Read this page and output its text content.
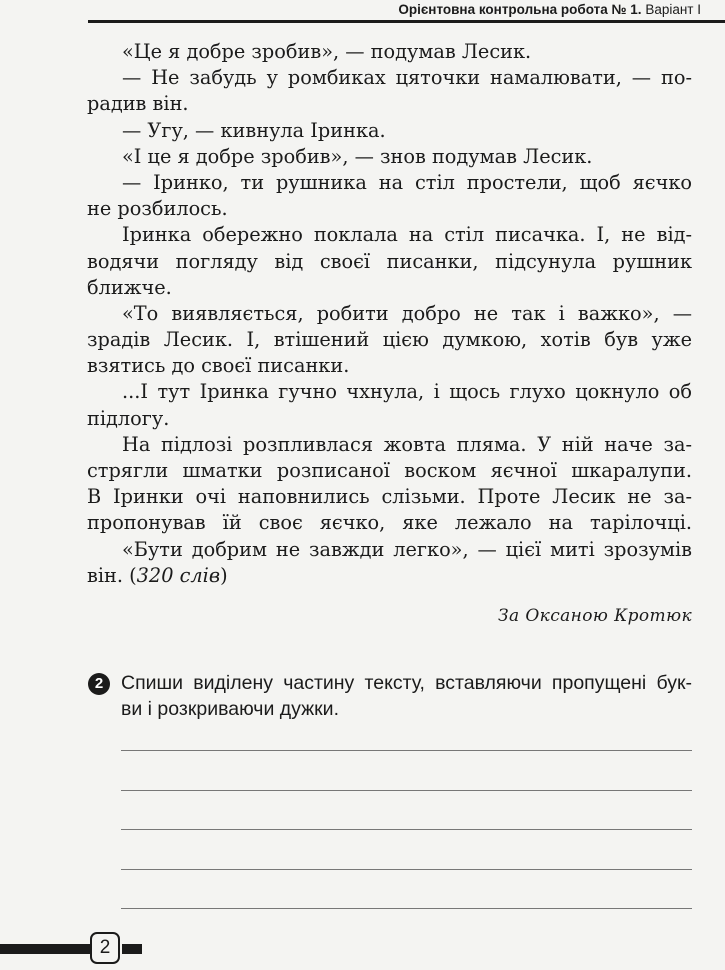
Орієнтовна контрольна робота № 1. Варіант I
«Це я добре зробив», — подумав Лесик.
— Не забудь у ромбиках цяточки намалювати, — по-
радив він.
— Угу, — кивнула Іринка.
«І це я добре зробив», — знов подумав Лесик.
— Іринко, ти рушника на стіл простели, щоб яєчко
не розбилось.
Іринка обережно поклала на стіл писачка. І, не від-
водячи погляду від своєї писанки, підсунула рушник
ближче.
«То виявляється, робити добро не так і важко», —
зрадів Лесик. І, втішений цією думкою, хотів був уже
взятись до своєї писанки.
...І тут Іринка гучно чхнула, і щось глухо цокнуло об
підлогу.
На підлозі розпливлася жовта пляма. У ній наче за-
стрягли шматки розписаної воском яєчної шкаралупи.
В Іринки очі наповнились слізьми. Проте Лесик не за-
пропонував їй своє яєчко, яке лежало на тарілочці.
«Бути добрим не завжди легко», — цієї миті зрозумів
він. (320 слів)
За Оксаною Кротюк
2 Спиши виділену частину тексту, вставляючи пропущені бук-
ви і розкриваючи дужки.
2
